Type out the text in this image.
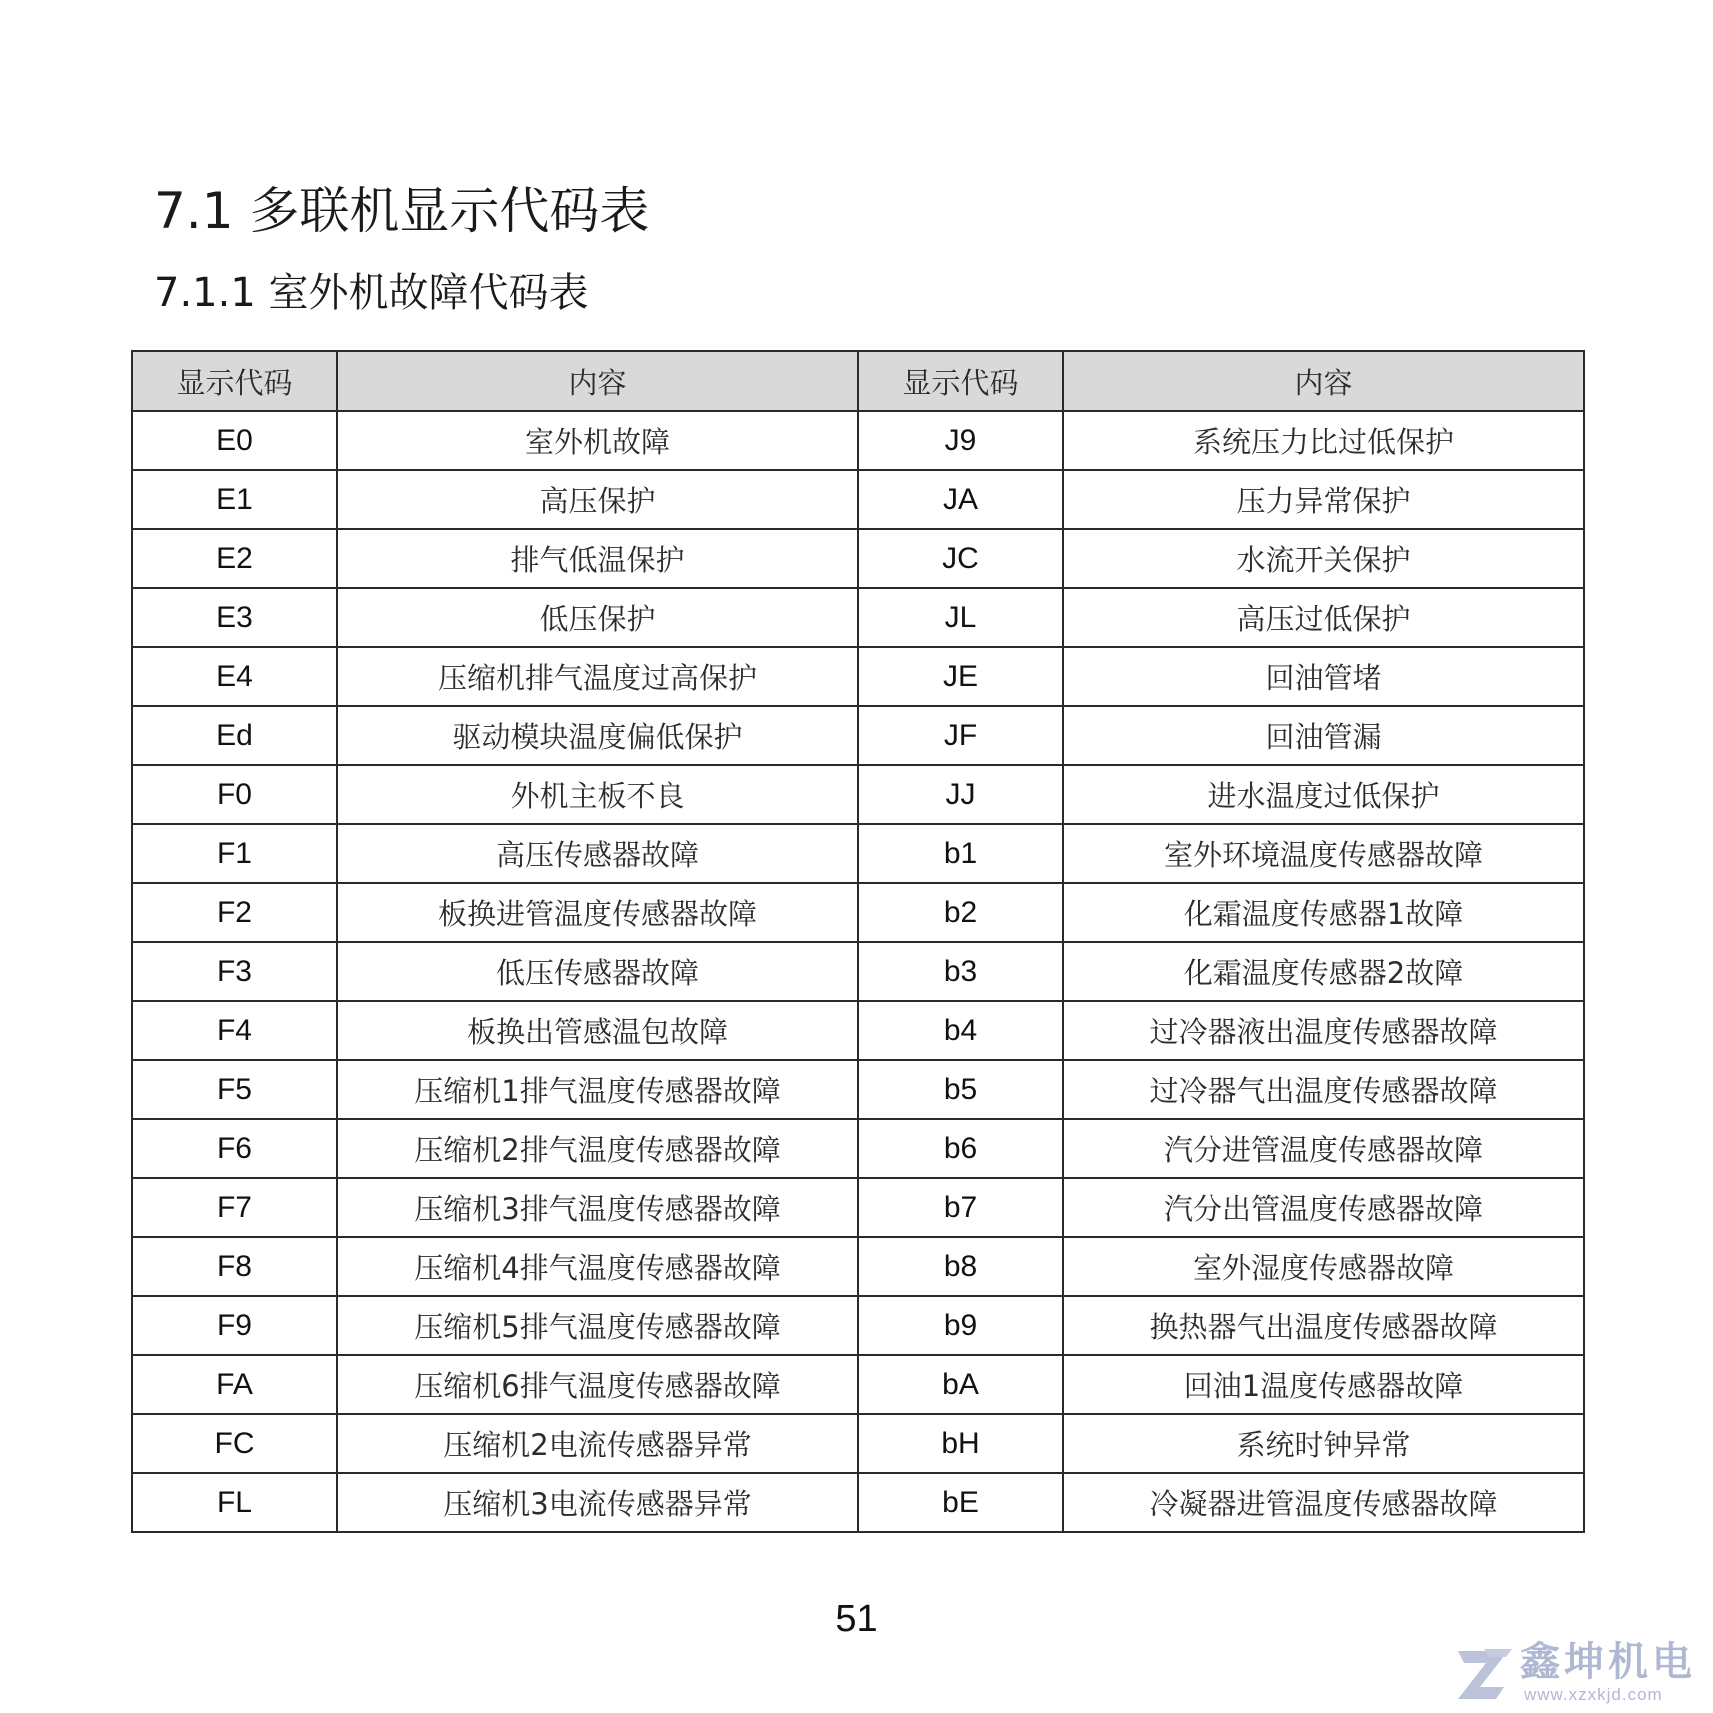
7.1 多联机显示代码表
7.1.1 室外机故障代码表
显示代码	内容	显示代码	内容
E0	室外机故障	J9	系统压力比过低保护
E1	高压保护	JA	压力异常保护
E2	排气低温保护	JC	水流开关保护
E3	低压保护	JL	高压过低保护
E4	压缩机排气温度过高保护	JE	回油管堵
Ed	驱动模块温度偏低保护	JF	回油管漏
F0	外机主板不良	JJ	进水温度过低保护
F1	高压传感器故障	b1	室外环境温度传感器故障
F2	板换进管温度传感器故障	b2	化霜温度传感器1故障
F3	低压传感器故障	b3	化霜温度传感器2故障
F4	板换出管感温包故障	b4	过冷器液出温度传感器故障
F5	压缩机1排气温度传感器故障	b5	过冷器气出温度传感器故障
F6	压缩机2排气温度传感器故障	b6	汽分进管温度传感器故障
F7	压缩机3排气温度传感器故障	b7	汽分出管温度传感器故障
F8	压缩机4排气温度传感器故障	b8	室外湿度传感器故障
F9	压缩机5排气温度传感器故障	b9	换热器气出温度传感器故障
FA	压缩机6排气温度传感器故障	bA	回油1温度传感器故障
FC	压缩机2电流传感器异常	bH	系统时钟异常
FL	压缩机3电流传感器异常	bE	冷凝器进管温度传感器故障
51
鑫坤机电
www.xzxkjd.com
